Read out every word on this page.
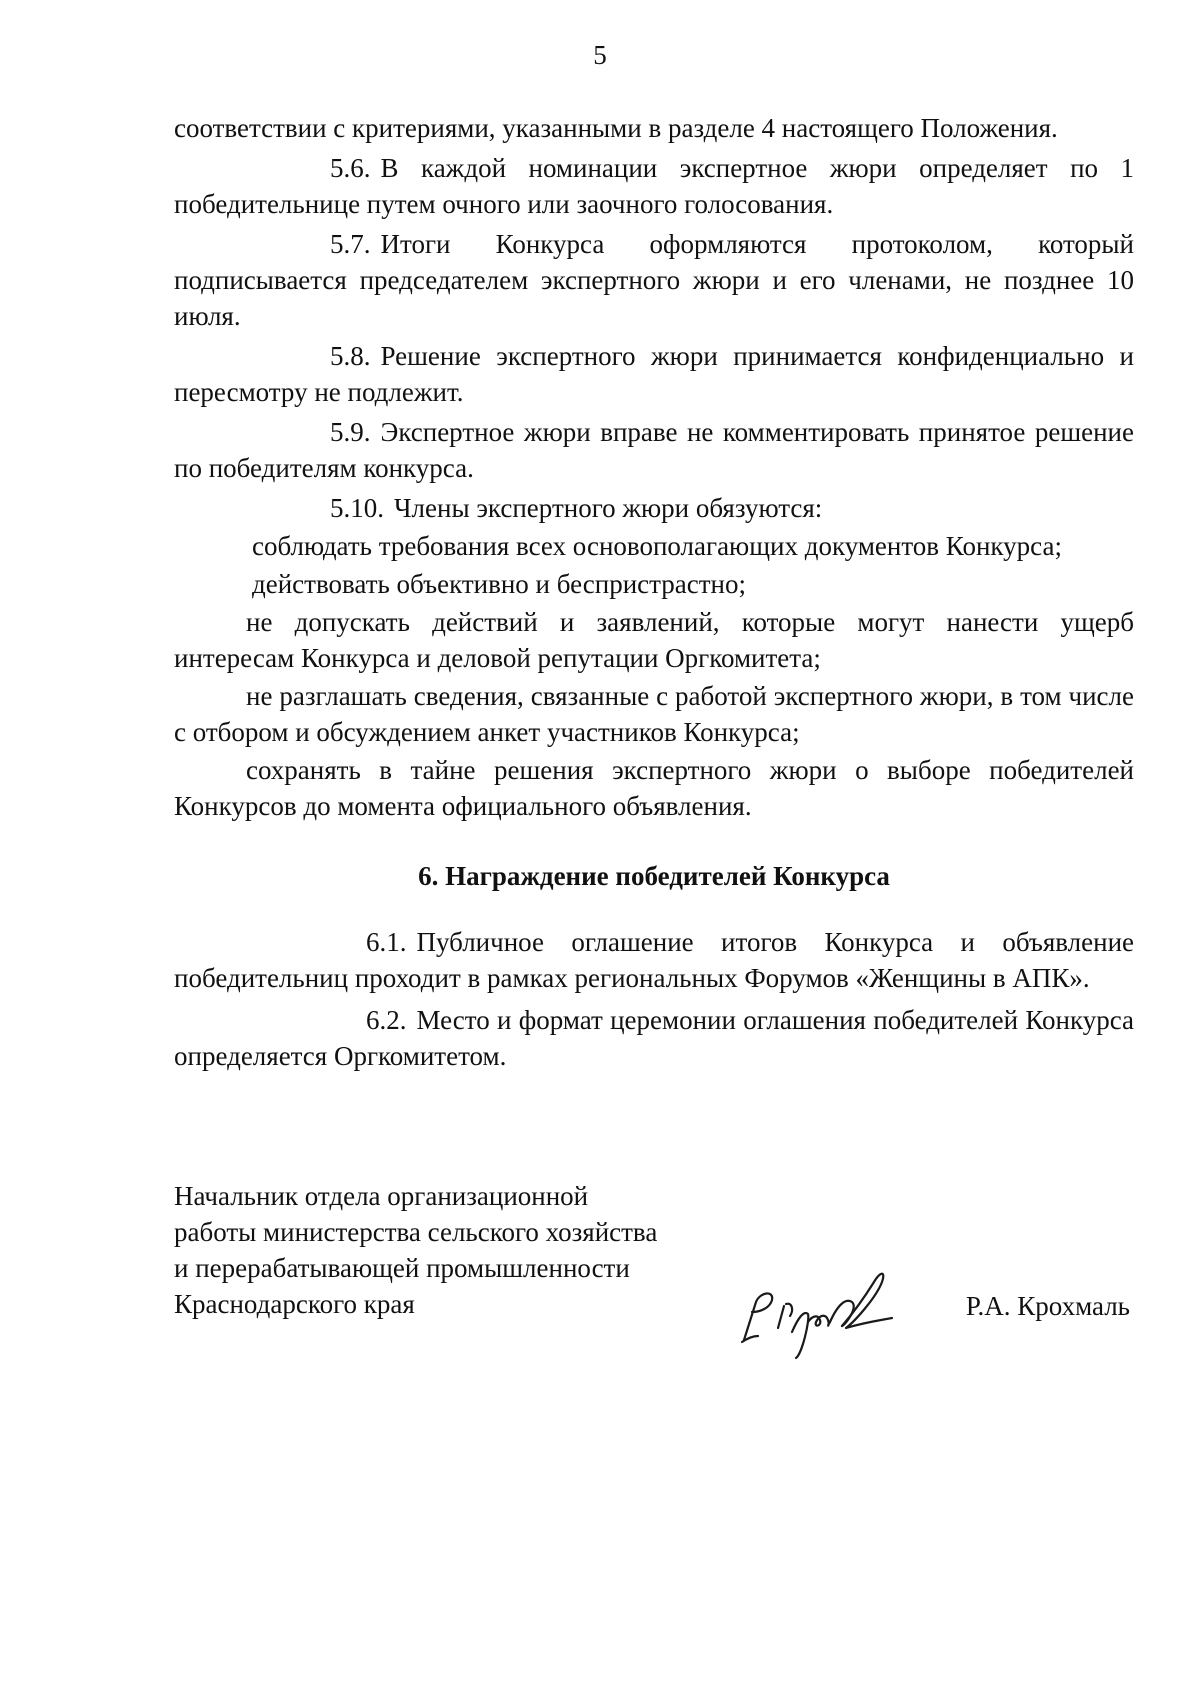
5

соответствии с критериями, указанными в разделе 4 настоящего Положения.

5.6. В каждой номинации экспертное жюри определяет по 1 победительнице путем очного или заочного голосования.

5.7. Итоги Конкурса оформляются протоколом, который подписывается председателем экспертного жюри и его членами, не позднее 10 июля.

5.8. Решение экспертного жюри принимается конфиденциально и пересмотру не подлежит.

5.9. Экспертное жюри вправе не комментировать принятое решение по победителям конкурса.

5.10. Члены экспертного жюри обязуются:

соблюдать требования всех основополагающих документов Конкурса;

действовать объективно и беспристрастно;

не допускать действий и заявлений, которые могут нанести ущерб интересам Конкурса и деловой репутации Оргкомитета;

не разглашать сведения, связанные с работой экспертного жюри, в том числе с отбором и обсуждением анкет участников Конкурса;

сохранять в тайне решения экспертного жюри о выборе победителей Конкурсов до момента официального объявления.

6. Награждение победителей Конкурса

6.1. Публичное оглашение итогов Конкурса и объявление победительниц проходит в рамках региональных Форумов «Женщины в АПК».

6.2. Место и формат церемонии оглашения победителей Конкурса определяется Оргкомитетом.

Начальник отдела организационной
работы министерства сельского хозяйства
и перерабатывающей промышленности
Краснодарского края	Р.А. Крохмаль
